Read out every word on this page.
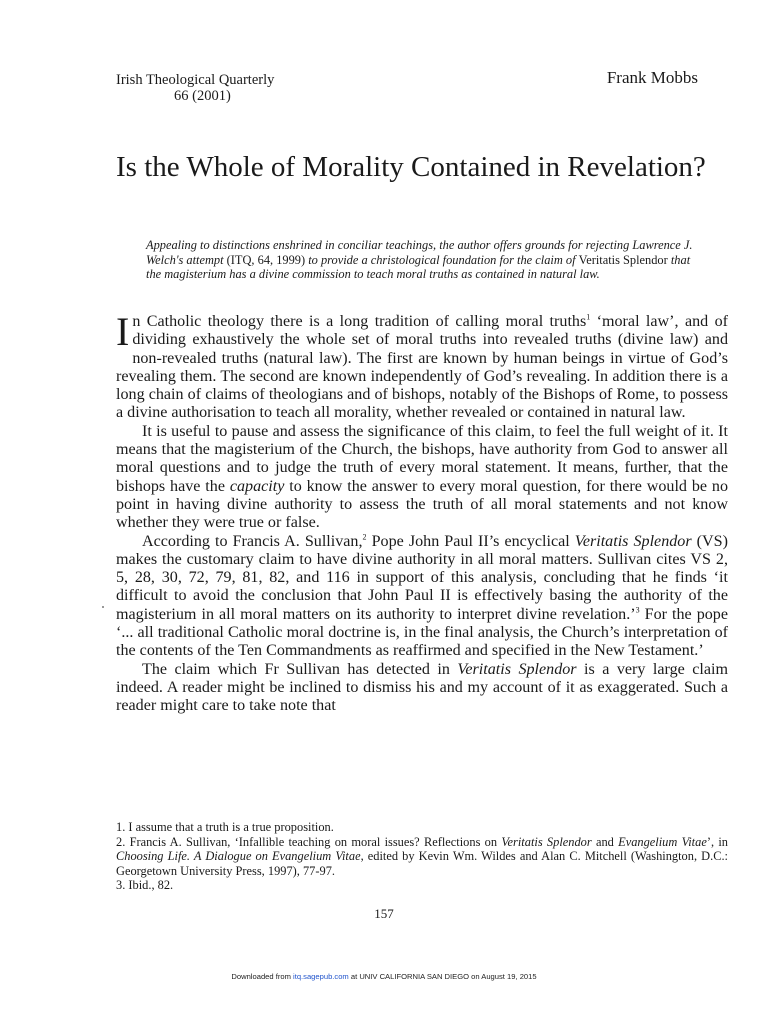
Irish Theological Quarterly
66 (2001)
Frank Mobbs
Is the Whole of Morality Contained in Revelation?

Appealing to distinctions enshrined in conciliar teachings, the author offers grounds for rejecting Lawrence J. Welch's attempt (ITQ, 64, 1999) to provide a christological foundation for the claim of Veritatis Splendor that the magisterium has a divine commission to teach moral truths as contained in natural law.

In Catholic theology there is a long tradition of calling moral truths$^1$ ‘moral law’, and of dividing exhaustively the whole set of moral truths into revealed truths (divine law) and non-revealed truths (natural law). The first are known by human beings in virtue of God’s revealing them. The second are known independently of God’s revealing. In addition there is a long chain of claims of theologians and of bishops, notably of the Bishops of Rome, to possess a divine authorisation to teach all morality, whether revealed or contained in natural law.

It is useful to pause and assess the significance of this claim, to feel the full weight of it. It means that the magisterium of the Church, the bishops, have authority from God to answer all moral questions and to judge the truth of every moral statement. It means, further, that the bishops have the capacity to know the answer to every moral question, for there would be no point in having divine authority to assess the truth of all moral statements and not know whether they were true or false.

According to Francis A. Sullivan,$^2$ Pope John Paul II’s encyclical Veritatis Splendor (VS) makes the customary claim to have divine authority in all moral matters. Sullivan cites VS 2, 5, 28, 30, 72, 79, 81, 82, and 116 in support of this analysis, concluding that he finds ‘it difficult to avoid the conclusion that John Paul II is effectively basing the authority of the magisterium in all moral matters on its authority to interpret divine revelation.’$^3$ For the pope ‘... all traditional Catholic moral doctrine is, in the final analysis, the Church’s interpretation of the contents of the Ten Commandments as reaffirmed and specified in the New Testament.’

The claim which Fr Sullivan has detected in Veritatis Splendor is a very large claim indeed. A reader might be inclined to dismiss his and my account of it as exaggerated. Such a reader might care to take note that

1. I assume that a truth is a true proposition.
2. Francis A. Sullivan, ‘Infallible teaching on moral issues? Reflections on Veritatis Splendor and Evangelium Vitae’, in Choosing Life. A Dialogue on Evangelium Vitae, edited by Kevin Wm. Wildes and Alan C. Mitchell (Washington, D.C.: Georgetown University Press, 1997), 77-97.
3. Ibid., 82.
157
Downloaded from itq.sagepub.com at UNIV CALIFORNIA SAN DIEGO on August 19, 2015
